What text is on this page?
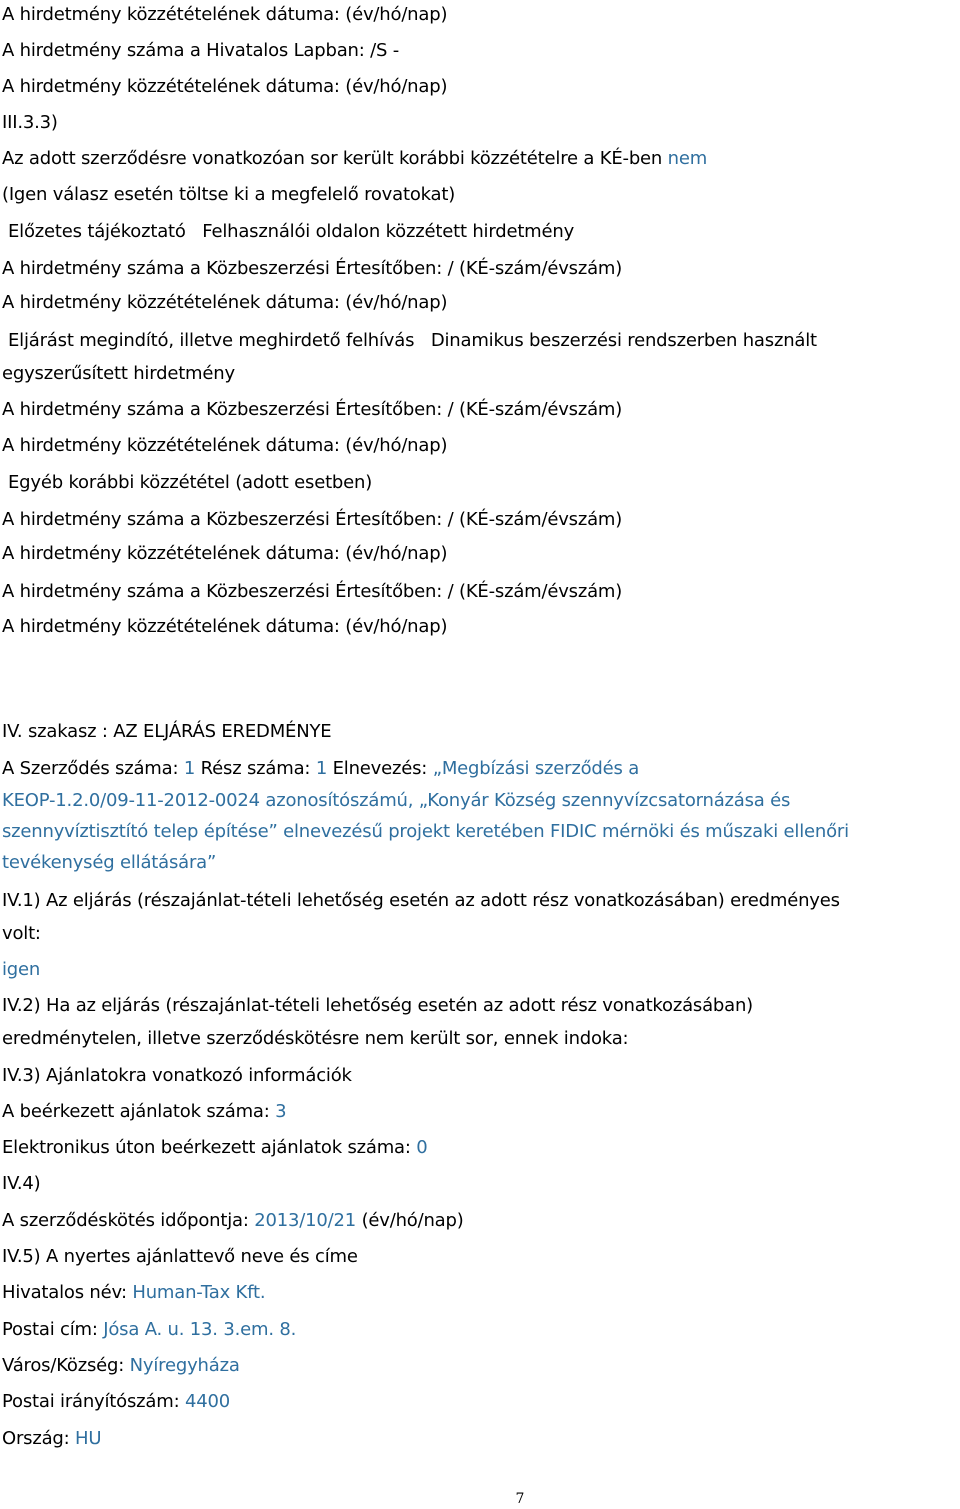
A hirdetmény közzétételének dátuma: (év/hó/nap)
A hirdetmény száma a Hivatalos Lapban: /S -
A hirdetmény közzétételének dátuma: (év/hó/nap)
III.3.3)
Az adott szerződésre vonatkozóan sor került korábbi közzétételre a KÉ-ben nem
(Igen válasz esetén töltse ki a megfelelő rovatokat)
Előzetes tájékoztató Felhasználói oldalon közzétett hirdetmény
A hirdetmény száma a Közbeszerzési Értesítőben: / (KÉ-szám/évszám)
A hirdetmény közzétételének dátuma: (év/hó/nap)
Eljárást megindító, illetve meghirdető felhívás Dinamikus beszerzési rendszerben használt
egyszerűsített hirdetmény
A hirdetmény száma a Közbeszerzési Értesítőben: / (KÉ-szám/évszám)
A hirdetmény közzétételének dátuma: (év/hó/nap)
Egyéb korábbi közzététel (adott esetben)
A hirdetmény száma a Közbeszerzési Értesítőben: / (KÉ-szám/évszám)
A hirdetmény közzétételének dátuma: (év/hó/nap)
A hirdetmény száma a Közbeszerzési Értesítőben: / (KÉ-szám/évszám)
A hirdetmény közzétételének dátuma: (év/hó/nap)
IV. szakasz : AZ ELJÁRÁS EREDMÉNYE
A Szerződés száma: 1 Rész száma: 1 Elnevezés: „Megbízási szerződés a
KEOP-1.2.0/09-11-2012-0024 azonosítószámú, „Konyár Község szennyvízcsatornázása és
szennyvíztisztító telep építése” elnevezésű projekt keretében FIDIC mérnöki és műszaki ellenőri
tevékenység ellátására”
IV.1) Az eljárás (részajánlat-tételi lehetőség esetén az adott rész vonatkozásában) eredményes
volt:
igen
IV.2) Ha az eljárás (részajánlat-tételi lehetőség esetén az adott rész vonatkozásában)
eredménytelen, illetve szerződéskötésre nem került sor, ennek indoka:
IV.3) Ajánlatokra vonatkozó információk
A beérkezett ajánlatok száma: 3
Elektronikus úton beérkezett ajánlatok száma: 0
IV.4)
A szerződéskötés időpontja: 2013/10/21 (év/hó/nap)
IV.5) A nyertes ajánlattevő neve és címe
Hivatalos név: Human-Tax Kft.
Postai cím: Jósa A. u. 13. 3.em. 8.
Város/Község: Nyíregyháza
Postai irányítószám: 4400
Ország: HU
7
